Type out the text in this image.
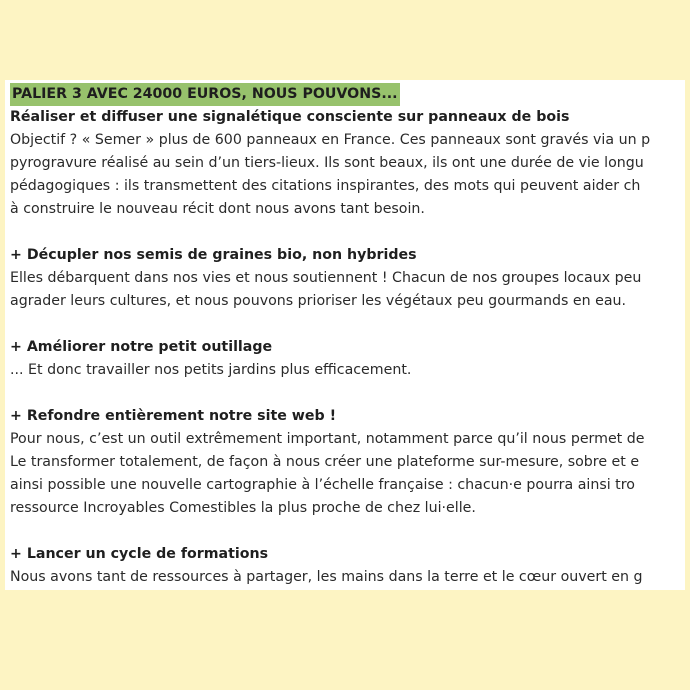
PALIER 3 AVEC 24000 EUROS, NOUS POUVONS...
Réaliser et diffuser une signalétique consciente sur panneaux de bois
Objectif ? « Semer » plus de 600 panneaux en France. Ces panneaux sont gravés via un p
pyrogravure réalisé au sein d’un tiers-lieux. Ils sont beaux, ils ont une durée de vie longu
pédagogiques : ils transmettent des citations inspirantes, des mots qui peuvent aider ch
à construire le nouveau récit dont nous avons tant besoin.
+ Décupler nos semis de graines bio, non hybrides
Elles débarquent dans nos vies et nous soutiennent ! Chacun de nos groupes locaux peu
agrader leurs cultures, et nous pouvons prioriser les végétaux peu gourmands en eau.
+ Améliorer notre petit outillage
... Et donc travailler nos petits jardins plus efficacement.
+ Refondre entièrement notre site web !
Pour nous, c’est un outil extrêmement important, notamment parce qu’il nous permet de
Le transformer totalement, de façon à nous créer une plateforme sur-mesure, sobre et e
ainsi possible une nouvelle cartographie à l’échelle française : chacun·e pourra ainsi tro
ressource Incroyables Comestibles la plus proche de chez lui·elle.
+ Lancer un cycle de formations
Nous avons tant de ressources à partager, les mains dans la terre et le cœur ouvert en g
